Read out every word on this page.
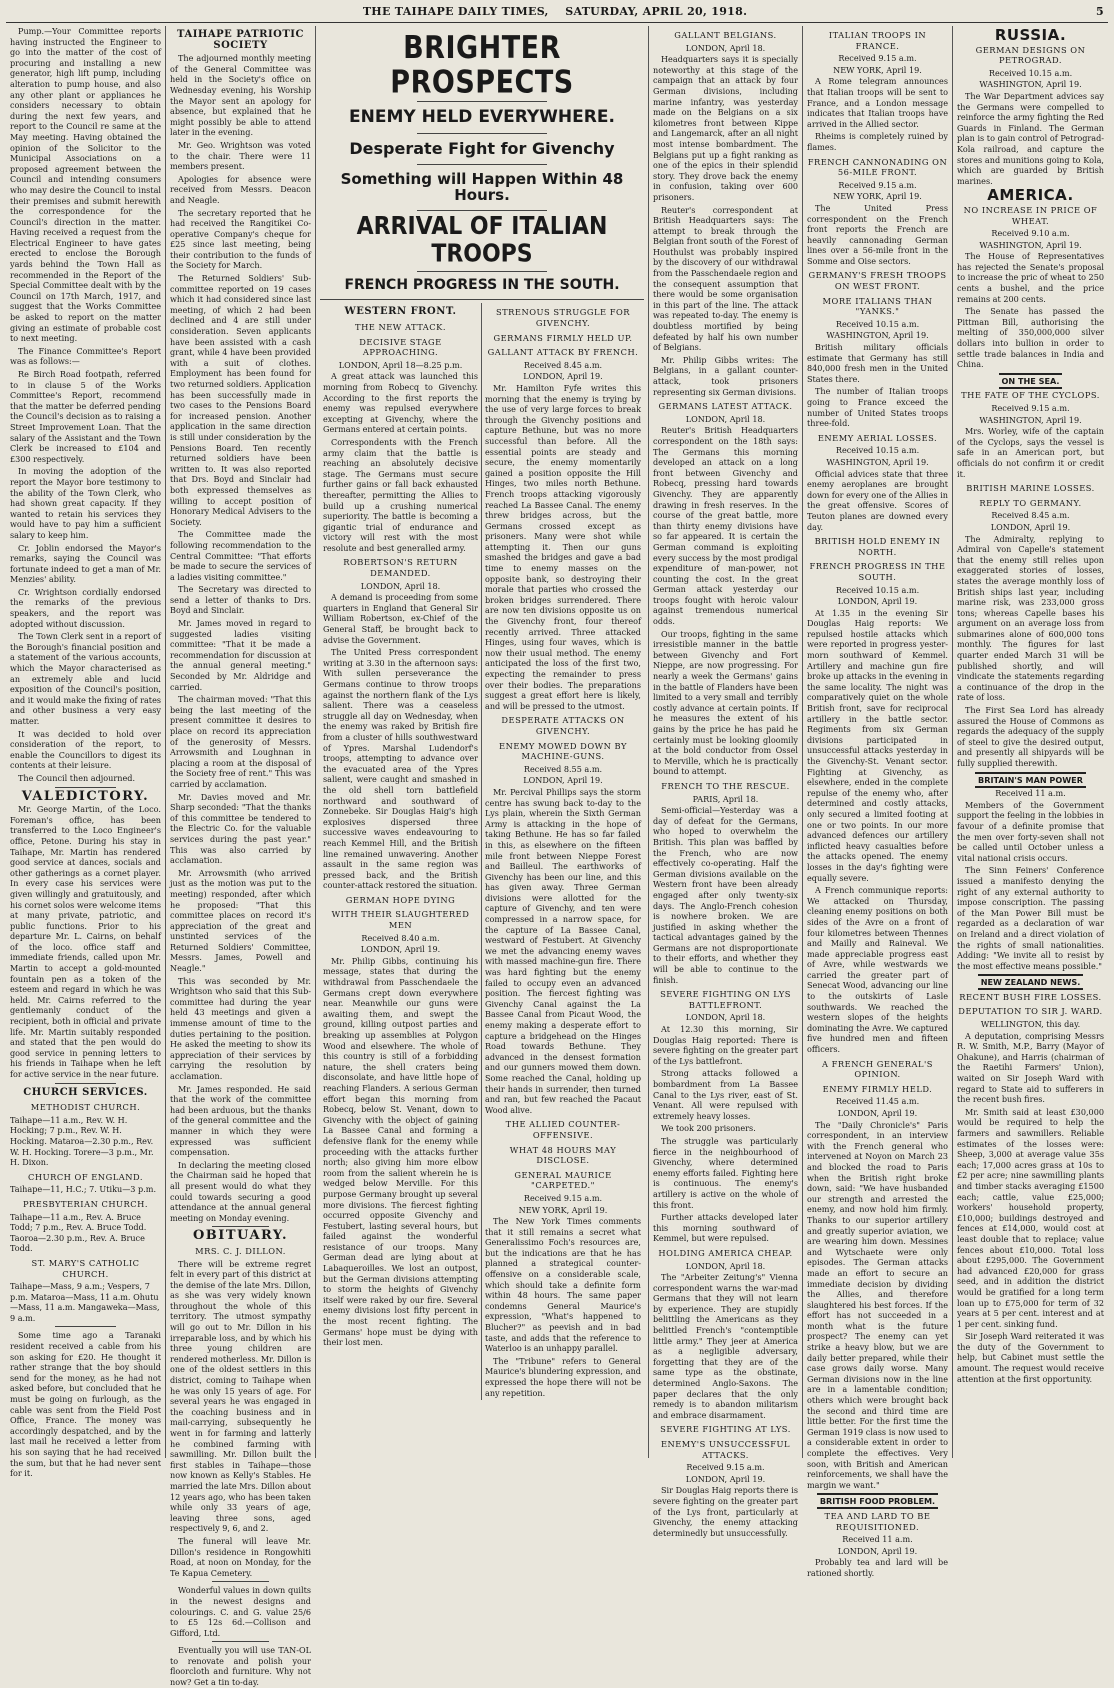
THE TAIHAPE DAILY TIMES, SATURDAY, APRIL 20, 1918.	5

Pump.—Your Committee reports having instructed the Engineer to go into the matter of the cost of procuring and installing a new generator, high lift pump, including alteration to pump house, and also any other plant or appliances he considers necessary to obtain during the next few years, and report to the Council re same at the May meeting. Having obtained the opinion of the Solicitor to the Municipal Associations on a proposed agreement between the Council and intending consumers who may desire the Council to instal their premises and submit herewith the correspondence for the Council's direction in the matter. Having received a request from the Electrical Engineer to have gates erected to enclose the Borough yards behind the Town Hall as recommended in the Report of the Special Committee dealt with by the Council on 17th March, 1917, and suggest that the Works Committee be asked to report on the matter giving an estimate of probable cost to next meeting.

The Finance Committee's Report was as follows:—

Re Birch Road footpath, referred to in clause 5 of the Works Committee's Report, recommend that the matter be deferred pending the Council's decision as to raising a Street Improvement Loan. That the salary of the Assistant and the Town Clerk be increased to £104 and £300 respectively.

In moving the adoption of the report the Mayor bore testimony to the ability of the Town Clerk, who had shown great capacity. If they wanted to retain his services they would have to pay him a sufficient salary to keep him.

Cr. Joblin endorsed the Mayor's remarks, saying the Council was fortunate indeed to get a man of Mr. Menzies' ability.

Cr. Wrightson cordially endorsed the remarks of the previous speakers, and the report was adopted without discussion.

The Town Clerk sent in a report of the Borough's financial position and a statement of the various accounts, which the Mayor characterised as an extremely able and lucid exposition of the Council's position, and it would make the fixing of rates and other business a very easy matter.

It was decided to hold over consideration of the report, to enable the Councillors to digest its contents at their leisure.

The Council then adjourned.

VALEDICTORY.

Mr. George Martin, of the Loco. Foreman's office, has been transferred to the Loco Engineer's office, Petone. During his stay in Taihape, Mr. Martin has rendered good service at dances, socials and other gatherings as a cornet player. In every case his services were given willingly and gratuitously, and his cornet solos were welcome items at many private, patriotic, and public functions. Prior to his departure Mr. L. Cairns, on behalf of the loco. office staff and immediate friends, called upon Mr. Martin to accept a gold-mounted fountain pen as a token of the esteem and regard in which he was held. Mr. Cairns referred to the gentlemanly conduct of the recipient, both in official and private life. Mr. Martin suitably responded and stated that the pen would do good service in penning letters to his friends in Taihape when he left for active service in the near future.

CHURCH SERVICES.
METHODIST CHURCH.

Taihape—11 a.m., Rev. W. H. Hocking; 7 p.m., Rev. W. H. Hocking. Mataroa—2.30 p.m., Rev. W. H. Hocking. Torere—3 p.m., Mr. H. Dixon.

CHURCH OF ENGLAND.

Taihape—11, H.C.; 7. Utiku—3 p.m.

PRESBYTERIAN CHURCH.

Taihape—11 a.m., Rev. A. Bruce Todd; 7 p.m., Rev. A. Bruce Todd. Taoroa—2.30 p.m., Rev. A. Bruce Todd.

ST. MARY'S CATHOLIC CHURCH.

Taihape—Mass, 9 a.m.; Vespers, 7 p.m. Mataroa—Mass, 11 a.m. Ohutu—Mass, 11 a.m. Mangaweka—Mass, 9 a.m.

Some time ago a Taranaki resident received a cable from his son asking for £20. He thought it rather strange that the boy should send for the money, as he had not asked before, but concluded that he must be going on furlough, as the cable was sent from the Field Post Office, France. The money was accordingly despatched, and by the last mail he received a letter from his son saying that he had received the sum, but that he had never sent for it.

TAIHAPE PATRIOTIC SOCIETY

The adjourned monthly meeting of the General Committee was held in the Society's office on Wednesday evening, his Worship the Mayor sent an apology for absence, but explained that he might possibly be able to attend later in the evening.

Mr. Geo. Wrightson was voted to the chair. There were 11 members present.

Apologies for absence were received from Messrs. Deacon and Neagle.

The secretary reported that he had received the Rangitikei Co-operative Company's cheque for £25 since last meeting, being their contribution to the funds of the Society for March.

The Returned Soldiers' Sub-committee reported on 19 cases which it had considered since last meeting, of which 2 had been declined and 4 are still under consideration. Seven applicants have been assisted with a cash grant, while 4 have been provided with a suit of clothes. Employment has been found for two returned soldiers. Application has been successfully made in two cases to the Pensions Board for increased pension. Another application in the same direction is still under consideration by the Pensions Board. Ten recently returned soldiers have been written to. It was also reported that Drs. Boyd and Sinclair had both expressed themselves as willing to accept position of Honorary Medical Advisers to the Society.

The Committee made the following recommendation to the Central Committee: "That efforts be made to secure the services of a ladies visiting committee."

The Secretary was directed to send a letter of thanks to Drs. Boyd and Sinclair.

Mr. James moved in regard to suggested ladies visiting committee: "That it be made a recommendation for discussion at the annual general meeting." Seconded by Mr. Aldridge and carried.

The chairman moved: "That this being the last meeting of the present committee it desires to place on record its appreciation of the generosity of Messrs. Arrowsmith and Loughnan in placing a room at the disposal of the Society free of rent." This was carried by acclamation.

Mr. Davies moved and Mr. Sharp seconded: "That the thanks of this committee be tendered to the Electric Co. for the valuable services during the past year." This was also carried by acclamation.

Mr. Arrowsmith (who arrived just as the motion was put to the meeting) responded, after which he proposed: "That this committee places on record it's appreciation of the great and unstinted services of the Returned Soldiers' Committee, Messrs. James, Powell and Neagle."

This was seconded by Mr. Wrightson who said that this Sub-committee had during the year held 43 meetings and given a immense amount of time to the duties pertaining to the position. He asked the meeting to show its appreciation of their services by carrying the resolution by acclamation.

Mr. James responded. He said that the work of the committee had been arduous, but the thanks of the general committee and the manner in which they were expressed was sufficient compensation.

In declaring the meeting closed the Chairman said he hoped that all present would do what they could towards securing a good attendance at the annual general meeting on Monday evening.

OBITUARY.
MRS. C. J. DILLON.

There will be extreme regret felt in every part of this district at the demise of the late Mrs. Dillon, as she was very widely known throughout the whole of this territory. The utmost sympathy will go out to Mr. Dillon in his irreparable loss, and by which his three young children are rendered motherless. Mr. Dillon is one of the oldest settlers in this district, coming to Taihape when he was only 15 years of age. For several years he was engaged in the coaching business and in mail-carrying, subsequently he went in for farming and latterly he combined farming with sawmilling. Mr. Dillon built the first stables in Taihape—those now known as Kelly's Stables. He married the late Mrs. Dillon about 12 years ago, who has been taken while only 33 years of age, leaving three sons, aged respectively 9, 6, and 2.

The funeral will leave Mr. Dillon's residence in Rongowhiti Road, at noon on Monday, for the Te Kapua Cemetery.

Wonderful values in down quilts in the newest designs and colourings. C. and G. value 25/6 to £5 12s 6d.—Collison and Gifford, Ltd.

Eventually you will use TAN-OL to renovate and polish your floorcloth and furniture. Why not now? Get a tin to-day.

BRIGHTER PROSPECTS
ENEMY HELD EVERYWHERE.
Desperate Fight for Givenchy
Something will Happen Within 48 Hours.
ARRIVAL OF ITALIAN TROOPS
FRENCH PROGRESS IN THE SOUTH.
WESTERN FRONT.
THE NEW ATTACK.
DECISIVE STAGE APPROACHING.
LONDON, April 18—8.25 p.m.

A great attack was launched this morning from Robecq to Givenchy. According to the first reports the enemy was repulsed everywhere excepting at Givenchy, where the Germans entered at certain points.

Correspondents with the French army claim that the battle is reaching an absolutely decisive stage. The Germans must secure further gains or fall back exhausted thereafter, permitting the Allies to build up a crushing numerical superiority. The battle is becoming a gigantic trial of endurance and victory will rest with the most resolute and best generalled army.

ROBERTSON'S RETURN DEMANDED.
LONDON, April 18.

A demand is proceeding from some quarters in England that General Sir William Robertson, ex-Chief of the General Staff, be brought back to advise the Government.

The United Press correspondent writing at 3.30 in the afternoon says: With sullen perseverance the Germans continue to throw troops against the northern flank of the Lys salient. There was a ceaseless struggle all day on Wednesday, when the enemy was raked by British fire from a cluster of hills southwestward of Ypres. Marshal Ludendorf's troops, attempting to advance over the evacuated area of the Ypres salient, were caught and smashed in the old shell torn battlefield northward and southward of Zonnebeke. Sir Douglas Haig's high explosives dispersed three successive waves endeavouring to reach Kemmel Hill, and the British line remained unwavering. Another assault in the same region was pressed back, and the British counter-attack restored the situation.

GERMAN HOPE DYING
WITH THEIR SLAUGHTERED MEN
Received 8.40 a.m.
LONDON, April 19.

Mr. Philip Gibbs, continuing his message, states that during the withdrawal from Passchendaele the Germans crept down everywhere near. Meanwhile our guns were awaiting them, and swept the ground, killing outpost parties and breaking up assemblies at Polygon Wood and elsewhere. The whole of this country is still of a forbidding nature, the shell craters being disconsolate, and have little hope of reaching Flanders. A serious German effort began this morning from Robecq, below St. Venant, down to Givenchy with the object of gaining La Bassee Canal and forming a defensive flank for the enemy while proceeding with the attacks further north; also giving him more elbow room from the salient wherein he is wedged below Merville. For this purpose Germany brought up several more divisions. The fiercest fighting occurred opposite Givenchy and Festubert, lasting several hours, but failed against the wonderful resistance of our troops. Many German dead are lying about at Labaqueroilles. We lost an outpost, but the German divisions attempting to storm the heights of Givenchy itself were raked by our fire. Several enemy divisions lost fifty percent in the most recent fighting. The Germans' hope must be dying with their lost men.

STRENOUS STRUGGLE FOR GIVENCHY.
GERMANS FIRMLY HELD UP.
GALLANT ATTACK BY FRENCH.
Received 8.45 a.m.
LONDON, April 19.

Mr. Hamilton Fyfe writes this morning that the enemy is trying by the use of very large forces to break through the Givenchy positions and capture Bethune, but was no more successful than before. All the essential points are steady and secure, the enemy momentarily gained a position opposite the Hill Hinges, two miles north Bethune. French troops attacking vigorously reached La Bassee Canal. The enemy threw bridges across, but the Germans crossed except as prisoners. Many were shot while attempting it. Then our guns smashed the bridges and gave a bad time to enemy masses on the opposite bank, so destroying their morale that parties who crossed the broken bridges surrendered. There are now ten divisions opposite us on the Givenchy front, four thereof recently arrived. Three attacked Hinges, using four waves, which is now their usual method. The enemy anticipated the loss of the first two, expecting the remainder to press over their bodies. The preparations suggest a great effort here is likely, and will be pressed to the utmost.

DESPERATE ATTACKS ON GIVENCHY.
ENEMY MOWED DOWN BY MACHINE-GUNS.
Received 8.55 a.m.
LONDON, April 19.

Mr. Percival Phillips says the storm centre has swung back to-day to the Lys plain, wherein the Sixth German Army is attacking in the hope of taking Bethune. He has so far failed in this, as elsewhere on the fifteen mile front between Nieppe Forest and Bailleul. The earthworks of Givenchy has been our line, and this has given away. Three German divisions were allotted for the capture of Givenchy, and ten were compressed in a narrow space, for the capture of La Bassee Canal, westward of Festubert. At Givenchy we met the advancing enemy waves with massed machine-gun fire. There was hard fighting but the enemy failed to occupy even an advanced position. The fiercest fighting was Givenchy Canal against the La Bassee Canal from Picaut Wood, the enemy making a desperate effort to capture a bridgehead on the Hinges Road towards Bethune. They advanced in the densest formation and our gunners mowed them down. Some reached the Canal, holding up their hands in surrender, then turned and ran, but few reached the Pacaut Wood alive.

THE ALLIED COUNTER-OFFENSIVE.
WHAT 48 HOURS MAY DISCLOSE.
GENERAL MAURICE "CARPETED."
Received 9.15 a.m.
NEW YORK, April 19.

The New York Times comments that it still remains a secret what Generalissimo Foch's resources are, but the indications are that he has planned a strategical counter-offensive on a considerable scale, which should take a definite form within 48 hours. The same paper condemns General Maurice's expression, "What's happened to Blucher?" as peevish and in bad taste, and adds that the reference to Waterloo is an unhappy parallel.

The "Tribune" refers to General Maurice's blundering expression, and expressed the hope there will not be any repetition.

GALLANT BELGIANS.
LONDON, April 18.

Headquarters says it is specially noteworthy at this stage of the campaign that an attack by four German divisions, including marine infantry, was yesterday made on the Belgians on a six kilometres front between Kippe and Langemarck, after an all night most intense bombardment. The Belgians put up a fight ranking as one of the epics in their splendid story. They drove back the enemy in confusion, taking over 600 prisoners.

Reuter's correspondent at British Headquarters says: The attempt to break through the Belgian front south of the Forest of Houthulst was probably inspired by the discovery of our withdrawal from the Passchendaele region and the consequent assumption that there would be some organisation in this part of the line. The attack was repeated to-day. The enemy is doubtless mortified by being defeated by half his own number of Belgians.

Mr. Philip Gibbs writes: The Belgians, in a gallant counter-attack, took prisoners representing six German divisions.

GERMANS LATEST ATTACK.
LONDON, April 18.

Reuter's British Headquarters correspondent on the 18th says: The Germans this morning developed an attack on a long front between Givenchy and Robecq, pressing hard towards Givenchy. They are apparently drawing in fresh reserves. In the course of the great battle, more than thirty enemy divisions have so far appeared. It is certain the German command is exploiting every success by the most prodigal expenditure of man-power, not counting the cost. In the great German attack yesterday our troops fought with heroic valour against tremendous numerical odds.

Our troops, fighting in the same irresistible manner in the battle between Givenchy and Fort Nieppe, are now progressing. For nearly a week the Germans' gains in the battle of Flanders have been limited to a very small and terribly costly advance at certain points. If he measures the extent of his gains by the price he has paid he certainly must be looking gloomily at the bold conductor from Ossel to Merville, which he is practically bound to attempt.

FRENCH TO THE RESCUE.
PARIS, April 18.

Semi-official—Yesterday was a day of defeat for the Germans, who hoped to overwhelm the British. This plan was baffled by the French, who are now effectively co-operating. Half the German divisions available on the Western front have been already engaged after only twenty-six days. The Anglo-French cohesion is nowhere broken. We are justified in asking whether the tactical advantages gained by the Germans are not disproportionate to their efforts, and whether they will be able to continue to the finish.

SEVERE FIGHTING ON LYS BATTLEFRONT.
LONDON, April 18.

At 12.30 this morning, Sir Douglas Haig reported: There is severe fighting on the greater part of the Lys battlefront.

Strong attacks followed a bombardment from La Bassee Canal to the Lys river, east of St. Venant. All were repulsed with extremely heavy losses.

We took 200 prisoners.

The struggle was particularly fierce in the neighbourhood of Givenchy, where determined enemy efforts failed. Fighting here is continuous. The enemy's artillery is active on the whole of this front.

Further attacks developed later this morning southward of Kemmel, but were repulsed.

HOLDING AMERICA CHEAP.
LONDON, April 18.

The "Arbeiter Zeitung's" Vienna correspondent warns the war-mad Germans that they will not learn by experience. They are stupidly belittling the Americans as they belittled French's "contemptible little army." They jeer at America as a negligible adversary, forgetting that they are of the same type as the obstinate, determined Anglo-Saxons. The paper declares that the only remedy is to abandon militarism and embrace disarmament.

SEVERE FIGHTING AT LYS.
ENEMY'S UNSUCCESSFUL ATTACKS.
Received 9.15 a.m.
LONDON, April 19.

Sir Douglas Haig reports there is severe fighting on the greater part of the Lys front, particularly at Givenchy, the enemy attacking determinedly but unsuccessfully.

ITALIAN TROOPS IN FRANCE.
Received 9.15 a.m.
NEW YORK, April 19.

A Rome telegram announces that Italian troops will be sent to France, and a London message indicates that Italian troops have arrived in the Allied sector.

Rheims is completely ruined by flames.

FRENCH CANNONADING ON 56-MILE FRONT.
Received 9.15 a.m.
NEW YORK, April 19.

The United Press correspondent on the French front reports the French are heavily cannonading German lines over a 56-mile front in the Somme and Oise sectors.

GERMANY'S FRESH TROOPS ON WEST FRONT.
MORE ITALIANS THAN "YANKS."
Received 10.15 a.m.
WASHINGTON, April 19.

British military officials estimate that Germany has still 840,000 fresh men in the United States there.

The number of Italian troops going to France exceed the number of United States troops three-fold.

ENEMY AERIAL LOSSES.
Received 10.15 a.m.
WASHINGTON, April 19.

Official advices state that three enemy aeroplanes are brought down for every one of the Allies in the great offensive. Scores of Teuton planes are downed every day.

BRITISH HOLD ENEMY IN NORTH.
FRENCH PROGRESS IN THE SOUTH.
Received 10.15 a.m.
LONDON, April 19.

At 1.35 in the evening Sir Douglas Haig reports: We repulsed hostile attacks which were reported in progress yester-morn southward of Kemmel. Artillery and machine gun fire broke up attacks in the evening in the same locality. The night was comparatively quiet on the whole British front, save for reciprocal artillery in the battle sector. Regiments from six German divisions participated in unsuccessful attacks yesterday in the Givenchy-St. Venant sector. Fighting at Givenchy, as elsewhere, ended in the complete repulse of the enemy who, after determined and costly attacks, only secured a limited footing at one or two points. In our more advanced defences our artillery inflicted heavy casualties before the attacks opened. The enemy losses in the day's fighting were equally severe.

A French communique reports: We attacked on Thursday, cleaning enemy positions on both sides of the Avre on a front of four kilometres between Thennes and Mailly and Raineval. We made appreciable progress east of Avre, while westwards we carried the greater part of Senecat Wood, advancing our line to the outskirts of Lasle southwards. We reached the western slopes of the heights dominating the Avre. We captured five hundred men and fifteen officers.

A FRENCH GENERAL'S OPINION.
ENEMY FIRMLY HELD.
Received 11.45 a.m.
LONDON, April 19.

The "Daily Chronicle's" Paris correspondent, in an interview with the French general who intervened at Noyon on March 23 and blocked the road to Paris when the British right broke down, said: "We have husbanded our strength and arrested the enemy, and now hold him firmly. Thanks to our superior artillery and greatly superior aviation, we are wearing him down. Messines and Wytschaete were only episodes. The German attacks made an effort to secure an immediate decision by dividing the Allies, and therefore slaughtered his best forces. If the effort has not succeeded in a month what is the future prospect? The enemy can yet strike a heavy blow, but we are daily better prepared, while their case grows daily worse. Many German divisions now in the line are in a lamentable condition; others which were brought back the second and third time are little better. For the first time the German 1919 class is now used to a considerable extent in order to complete the effectives. Very soon, with British and American reinforcements, we shall have the margin we want."

BRITISH FOOD PROBLEM.
TEA AND LARD TO BE REQUISITIONED.
Received 11 a.m.
LONDON, April 19.

Probably tea and lard will be rationed shortly.

RUSSIA.
GERMAN DESIGNS ON PETROGRAD.
Received 10.15 a.m.
WASHINGTON, April 19.

The War Department advices say the Germans were compelled to reinforce the army fighting the Red Guards in Finland. The German plan is to gain control of Petrograd-Kola railroad, and capture the stores and munitions going to Kola, which are guarded by British marines.

AMERICA.
NO INCREASE IN PRICE OF WHEAT.
Received 9.10 a.m.
WASHINGTON, April 19.

The House of Representatives has rejected the Senate's proposal to increase the pric of wheat to 250 cents a bushel, and the price remains at 200 cents.

The Senate has passed the Pittman Bill, authorising the melting of 350,000,000 silver dollars into bullion in order to settle trade balances in India and China.

ON THE SEA.
THE FATE OF THE CYCLOPS.
Received 9.15 a.m.
WASHINGTON, April 19.

Mrs. Worley, wife of the captain of the Cyclops, says the vessel is safe in an American port, but officials do not confirm it or credit it.

BRITISH MARINE LOSSES.
REPLY TO GERMANY.
Received 8.45 a.m.
LONDON, April 19.

The Admiralty, replying to Admiral von Capelle's statement that the enemy still relies upon exaggerated stories of losses, states the average monthly loss of British ships last year, including marine risk, was 233,000 gross tons; whereas Capelle bases his argument on an average loss from submarines alone of 600,000 tons monthly. The figures for last quarter ended March 31 will be published shortly, and will vindicate the statements regarding a continuance of the drop in the rate of loss.

The First Sea Lord has already assured the House of Commons as regards the adequacy of the supply of steel to give the desired output, and presently all shipyards will be fully supplied therewith.

BRITAIN'S MAN POWER
Received 11 a.m.

Members of the Government support the feeling in the lobbies in favour of a definite promise that the men over forty-seven shall not be called until October unless a vital national crisis occurs.

The Sinn Feiners' Conference issued a manifesto denying the right of any external authority to impose conscription. The passing of the Man Power Bill must be regarded as a declaration of war on Ireland and a direct violation of the rights of small nationalities. Adding: "We invite all to resist by the most effective means possible."

NEW ZEALAND NEWS.
RECENT BUSH FIRE LOSSES.
DEPUTATION TO SIR J. WARD.
WELLINGTON, this day.

A deputation, comprising Messrs R. W. Smith, M.P., Barry (Mayor of Ohakune), and Harris (chairman of the Raetihi Farmers' Union), waited on Sir Joseph Ward with regard to State aid to sufferers in the recent bush fires.

Mr. Smith said at least £30,000 would be required to help the farmers and sawmillers. Reliable estimates of the losses were: Sheep, 3,000 at average value 35s each; 17,000 acres grass at 10s to £2 per acre; nine sawmilling plants and timber stacks averaging £1500 each; cattle, value £25,000; workers' household property, £10,000; buildings destroyed and fences at £14,000, would cost at least double that to replace; value fences about £10,000. Total loss about £295,000. The Government had advanced £20,000 for grass seed, and in addition the district would be gratified for a long term loan up to £75,000 for term of 32 years at 5 per cent. interest and at 1 per cent. sinking fund.

Sir Joseph Ward reiterated it was the duty of the Government to help, but Cabinet must settle the amount. The request would receive attention at the first opportunity.
